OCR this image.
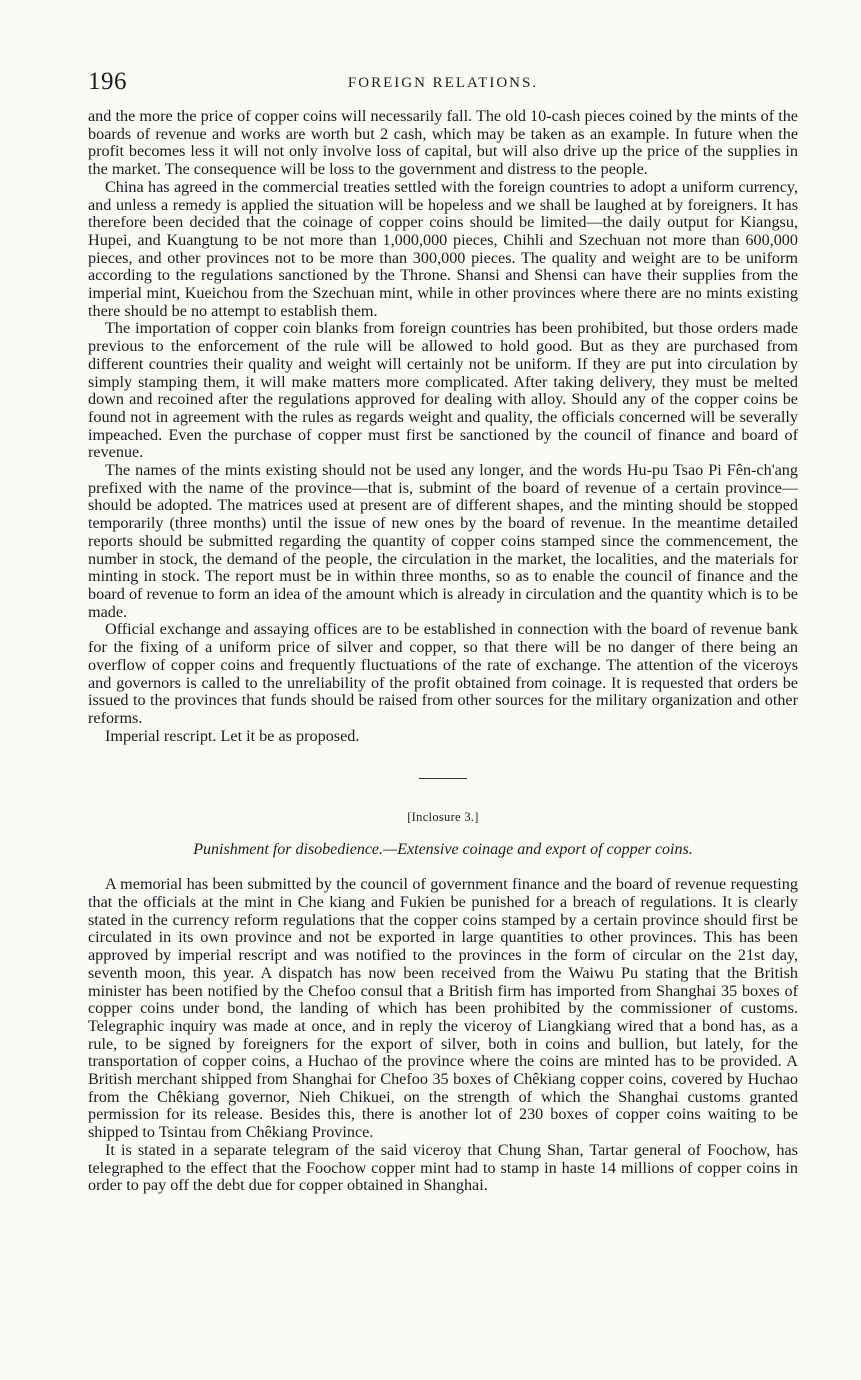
196	FOREIGN RELATIONS.

and the more the price of copper coins will necessarily fall. The old 10-cash pieces coined by the mints of the boards of revenue and works are worth but 2 cash, which may be taken as an example. In future when the profit becomes less it will not only involve loss of capital, but will also drive up the price of the supplies in the market. The consequence will be loss to the government and distress to the people.

China has agreed in the commercial treaties settled with the foreign countries to adopt a uniform currency, and unless a remedy is applied the situation will be hopeless and we shall be laughed at by foreigners. It has therefore been decided that the coinage of copper coins should be limited—the daily output for Kiangsu, Hupei, and Kuangtung to be not more than 1,000,000 pieces, Chihli and Szechuan not more than 600,000 pieces, and other provinces not to be more than 300,000 pieces. The quality and weight are to be uniform according to the regulations sanctioned by the Throne. Shansi and Shensi can have their supplies from the imperial mint, Kueichou from the Szechuan mint, while in other provinces where there are no mints existing there should be no attempt to establish them.

The importation of copper coin blanks from foreign countries has been prohibited, but those orders made previous to the enforcement of the rule will be allowed to hold good. But as they are purchased from different countries their quality and weight will certainly not be uniform. If they are put into circulation by simply stamping them, it will make matters more complicated. After taking delivery, they must be melted down and recoined after the regulations approved for dealing with alloy. Should any of the copper coins be found not in agreement with the rules as regards weight and quality, the officials concerned will be severally impeached. Even the purchase of copper must first be sanctioned by the council of finance and board of revenue.

The names of the mints existing should not be used any longer, and the words Hu-pu Tsao Pi Fên-ch'ang prefixed with the name of the province—that is, submint of the board of revenue of a certain province—should be adopted. The matrices used at present are of different shapes, and the minting should be stopped temporarily (three months) until the issue of new ones by the board of revenue. In the meantime detailed reports should be submitted regarding the quantity of copper coins stamped since the commencement, the number in stock, the demand of the people, the circulation in the market, the localities, and the materials for minting in stock. The report must be in within three months, so as to enable the council of finance and the board of revenue to form an idea of the amount which is already in circulation and the quantity which is to be made.

Official exchange and assaying offices are to be established in connection with the board of revenue bank for the fixing of a uniform price of silver and copper, so that there will be no danger of there being an overflow of copper coins and frequently fluctuations of the rate of exchange. The attention of the viceroys and governors is called to the unreliability of the profit obtained from coinage. It is requested that orders be issued to the provinces that funds should be raised from other sources for the military organization and other reforms.

Imperial rescript. Let it be as proposed.

[Inclosure 3.]
Punishment for disobedience.—Extensive coinage and export of copper coins.

A memorial has been submitted by the council of government finance and the board of revenue requesting that the officials at the mint in Che kiang and Fukien be punished for a breach of regulations. It is clearly stated in the currency reform regulations that the copper coins stamped by a certain province should first be circulated in its own province and not be exported in large quantities to other provinces. This has been approved by imperial rescript and was notified to the provinces in the form of circular on the 21st day, seventh moon, this year. A dispatch has now been received from the Waiwu Pu stating that the British minister has been notified by the Chefoo consul that a British firm has imported from Shanghai 35 boxes of copper coins under bond, the landing of which has been prohibited by the commissioner of customs. Telegraphic inquiry was made at once, and in reply the viceroy of Liangkiang wired that a bond has, as a rule, to be signed by foreigners for the export of silver, both in coins and bullion, but lately, for the transportation of copper coins, a Huchao of the province where the coins are minted has to be provided. A British merchant shipped from Shanghai for Chefoo 35 boxes of Chêkiang copper coins, covered by Huchao from the Chêkiang governor, Nieh Chikuei, on the strength of which the Shanghai customs granted permission for its release. Besides this, there is another lot of 230 boxes of copper coins waiting to be shipped to Tsintau from Chêkiang Province.

It is stated in a separate telegram of the said viceroy that Chung Shan, Tartar general of Foochow, has telegraphed to the effect that the Foochow copper mint had to stamp in haste 14 millions of copper coins in order to pay off the debt due for copper obtained in Shanghai.
